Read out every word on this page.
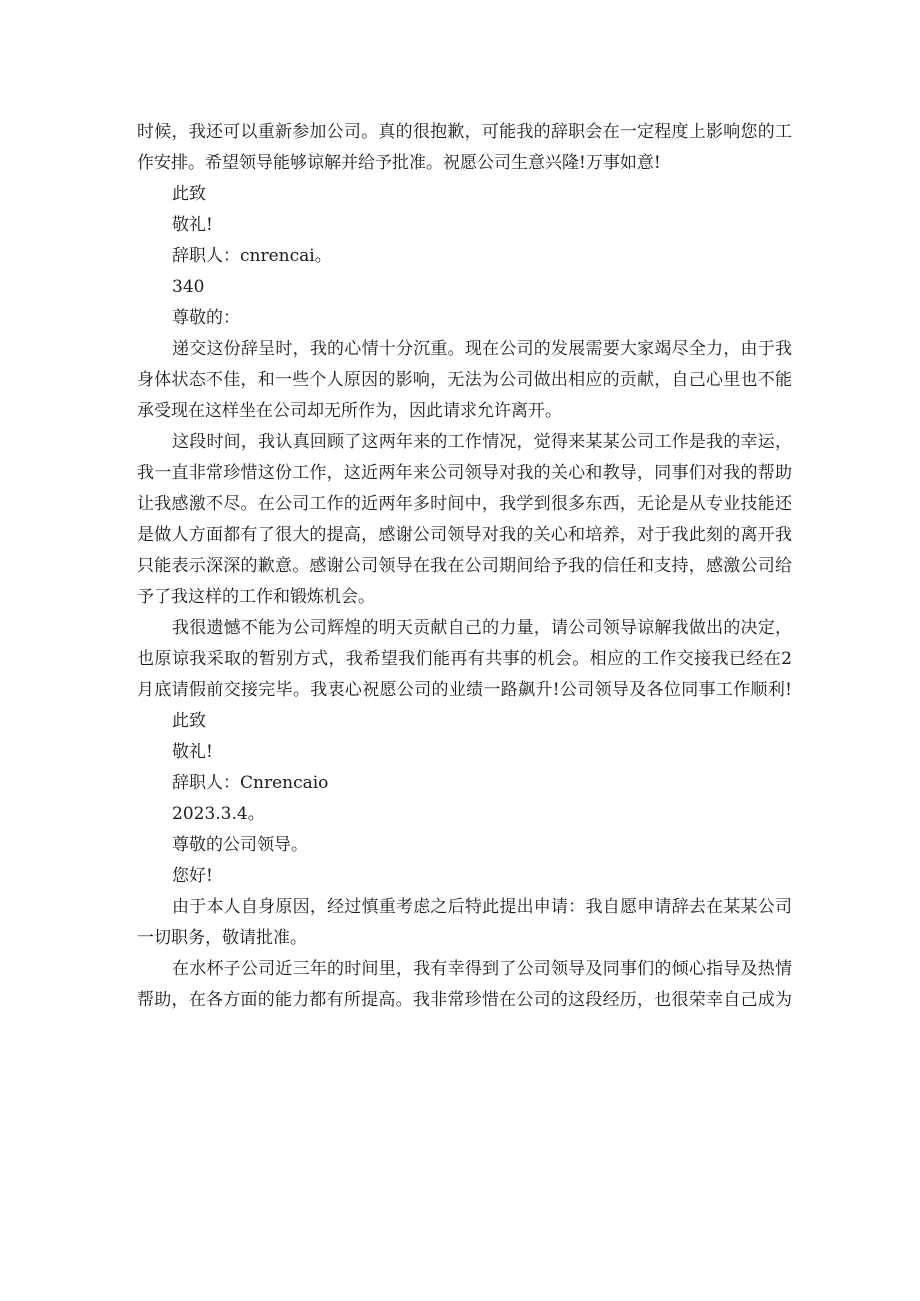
时候，我还可以重新参加公司。真的很抱歉，可能我的辞职会在一定程度上影响您的工
作安排。希望领导能够谅解并给予批准。祝愿公司生意兴隆!万事如意!
此致
敬礼!
辞职人：cnrencai。
340
尊敬的：
递交这份辞呈时，我的心情十分沉重。现在公司的发展需要大家竭尽全力，由于我
身体状态不佳，和一些个人原因的影响，无法为公司做出相应的贡献，自己心里也不能
承受现在这样坐在公司却无所作为，因此请求允许离开。
这段时间，我认真回顾了这两年来的工作情况，觉得来某某公司工作是我的幸运，
我一直非常珍惜这份工作，这近两年来公司领导对我的关心和教导，同事们对我的帮助
让我感激不尽。在公司工作的近两年多时间中，我学到很多东西，无论是从专业技能还
是做人方面都有了很大的提高，感谢公司领导对我的关心和培养，对于我此刻的离开我
只能表示深深的歉意。感谢公司领导在我在公司期间给予我的信任和支持，感激公司给
予了我这样的工作和锻炼机会。
我很遗憾不能为公司辉煌的明天贡献自己的力量，请公司领导谅解我做出的决定，
也原谅我采取的暂别方式，我希望我们能再有共事的机会。相应的工作交接我已经在2
月底请假前交接完毕。我衷心祝愿公司的业绩一路飙升!公司领导及各位同事工作顺利!
此致
敬礼!
辞职人：Cnrencaio
2023.3.4。
尊敬的公司领导。
您好!
由于本人自身原因，经过慎重考虑之后特此提出申请：我自愿申请辞去在某某公司
一切职务，敬请批准。
在水杯子公司近三年的时间里，我有幸得到了公司领导及同事们的倾心指导及热情
帮助，在各方面的能力都有所提高。我非常珍惜在公司的这段经历，也很荣幸自己成为
